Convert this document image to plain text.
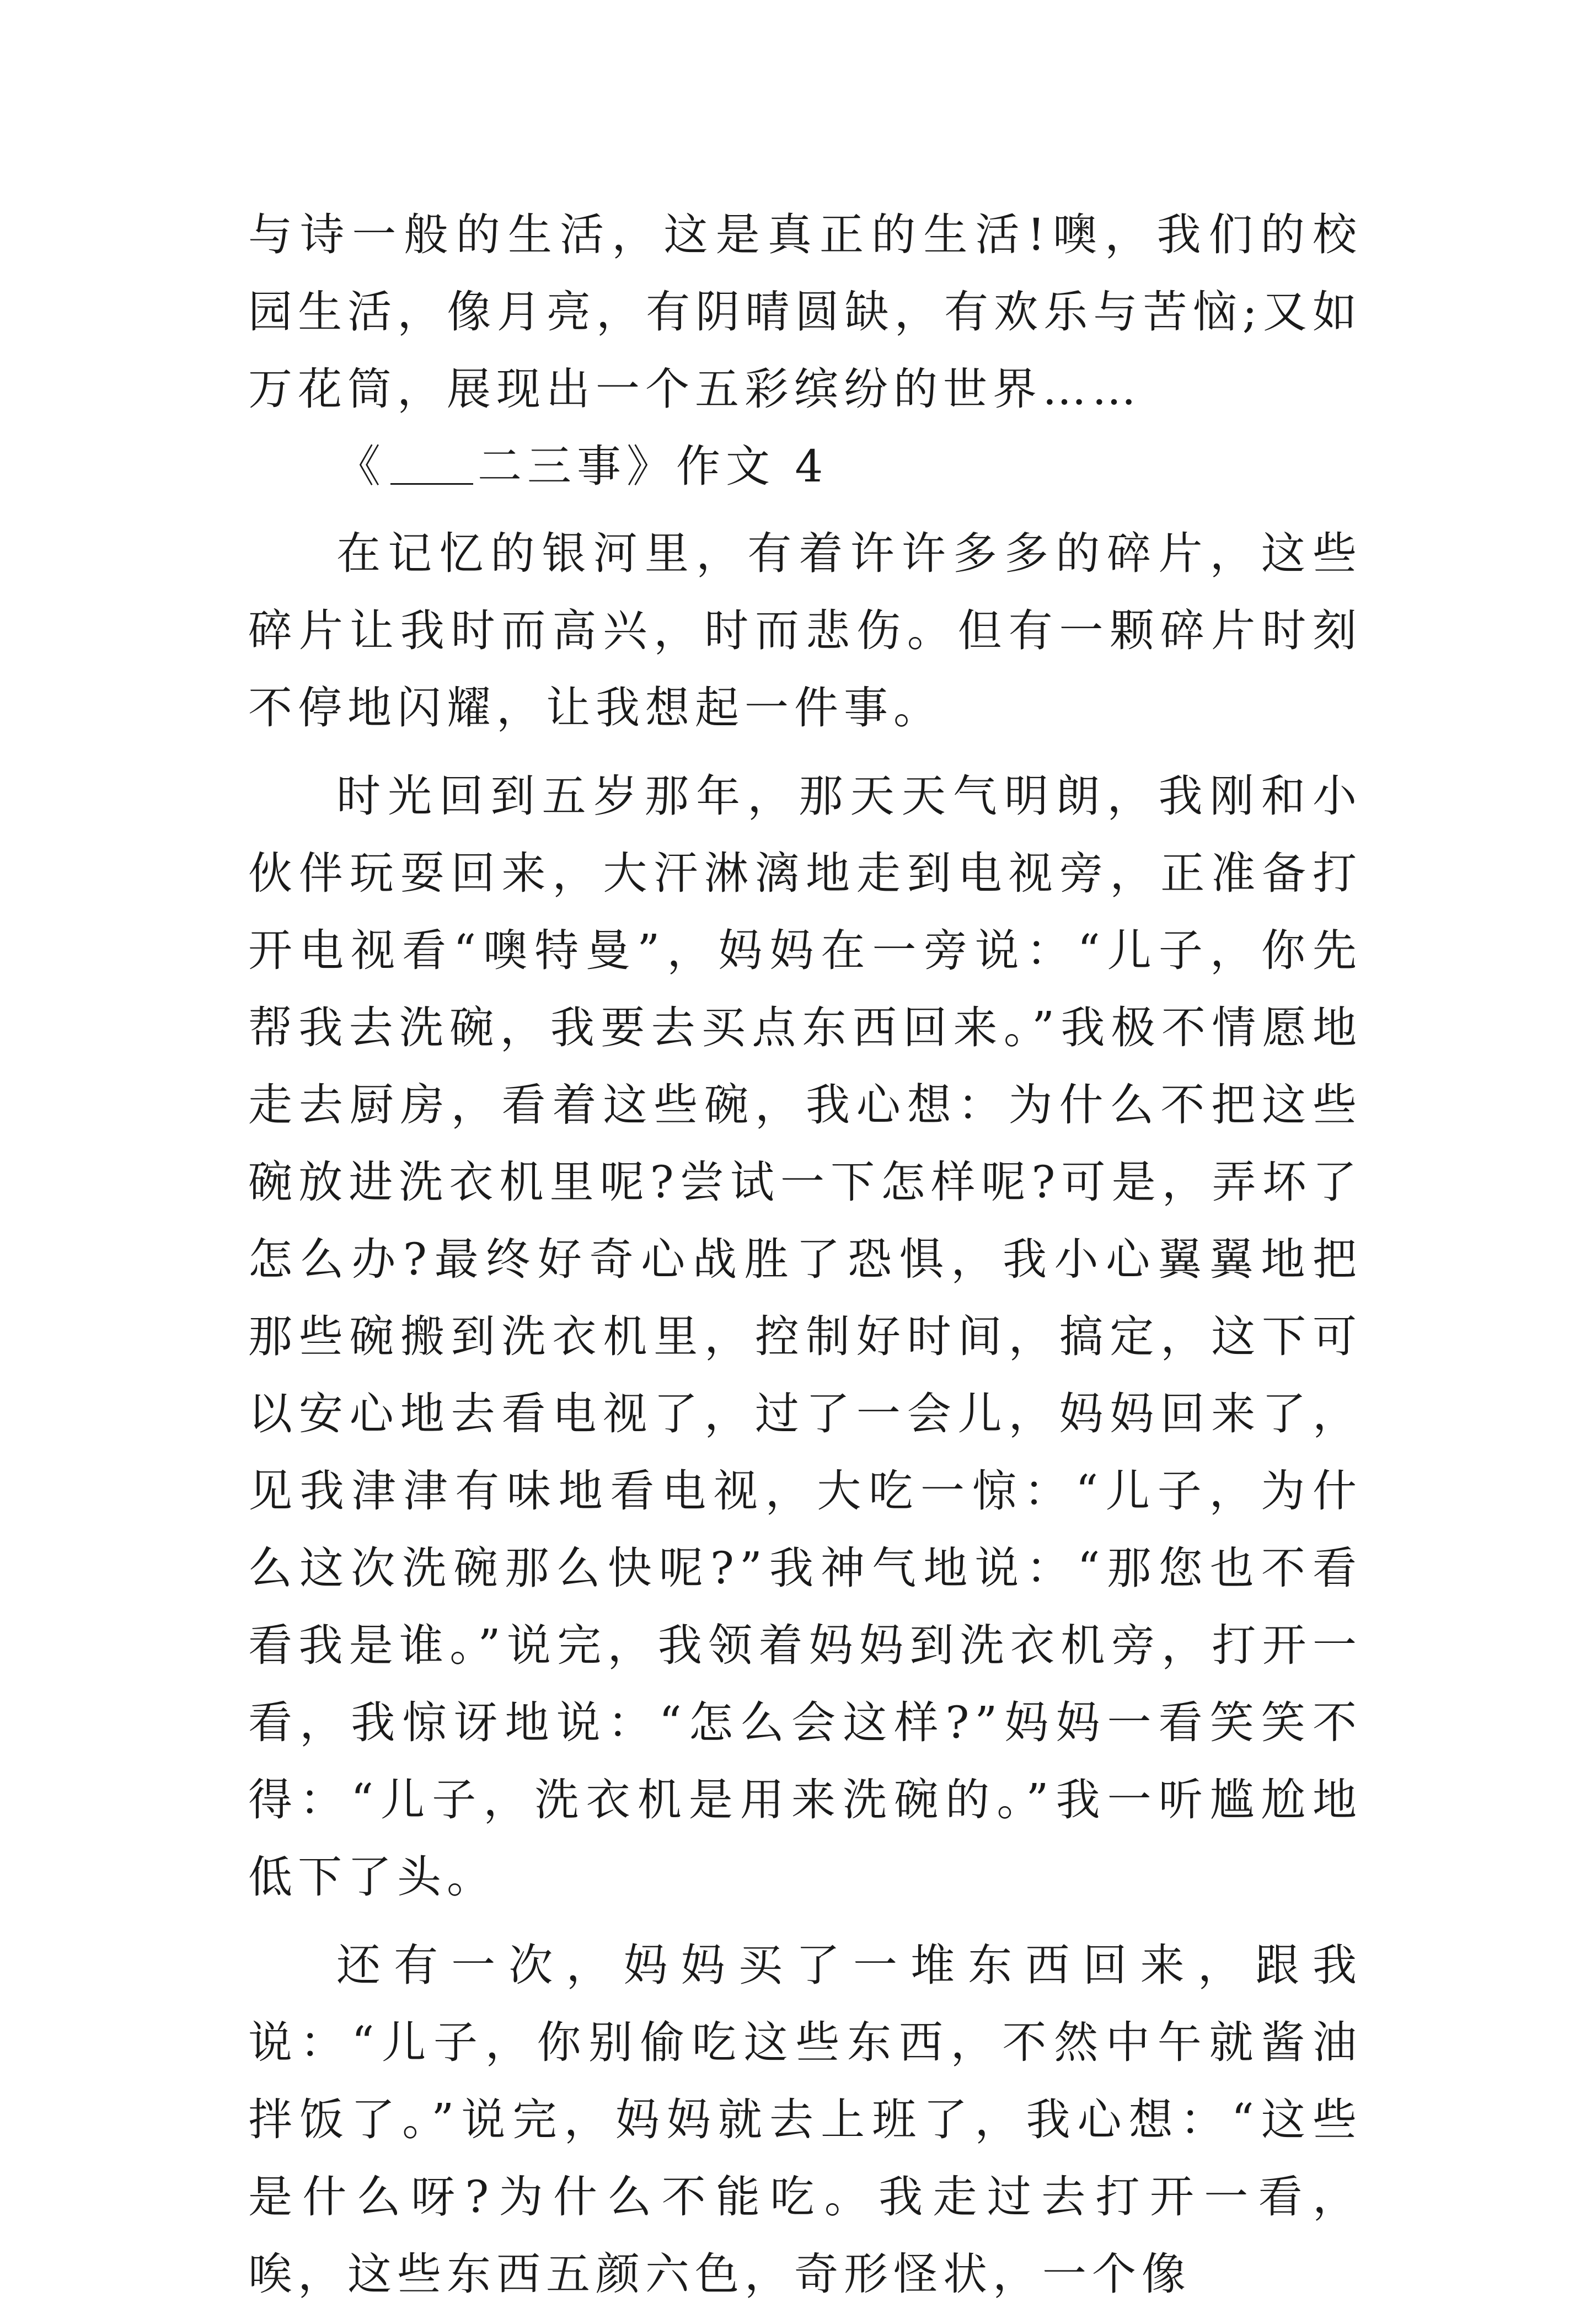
与诗一般的生活，这是真正的生活!噢，我们的校园生活，像月亮，有阴晴圆缺，有欢乐与苦恼;又如万花筒，展现出一个五彩缤纷的世界……

《 二三事》作文 4

在记忆的银河里，有着许许多多的碎片，这些碎片让我时而高兴，时而悲伤。但有一颗碎片时刻不停地闪耀，让我想起一件事。

时光回到五岁那年，那天天气明朗，我刚和小伙伴玩耍回来，大汗淋漓地走到电视旁，正准备打开电视看“噢特曼”，妈妈在一旁说：“儿子，你先帮我去洗碗，我要去买点东西回来。”我极不情愿地走去厨房，看着这些碗，我心想：为什么不把这些碗放进洗衣机里呢?尝试一下怎样呢?可是，弄坏了怎么办?最终好奇心战胜了恐惧，我小心翼翼地把那些碗搬到洗衣机里，控制好时间，搞定，这下可以安心地去看电视了，过了一会儿，妈妈回来了，见我津津有味地看电视，大吃一惊：“儿子，为什么这次洗碗那么快呢?”我神气地说：“那您也不看看我是谁。”说完，我领着妈妈到洗衣机旁，打开一看，我惊讶地说：“怎么会这样?”妈妈一看笑笑不得：“儿子，洗衣机是用来洗碗的。”我一听尴尬地低下了头。

还有一次，妈妈买了一堆东西回来，跟我说：“儿子，你别偷吃这些东西，不然中午就酱油拌饭了。”说完，妈妈就去上班了，我心想：“这些是什么呀?为什么不能吃。我走过去打开一看，唉，这些东西五颜六色，奇形怪状，一个像
